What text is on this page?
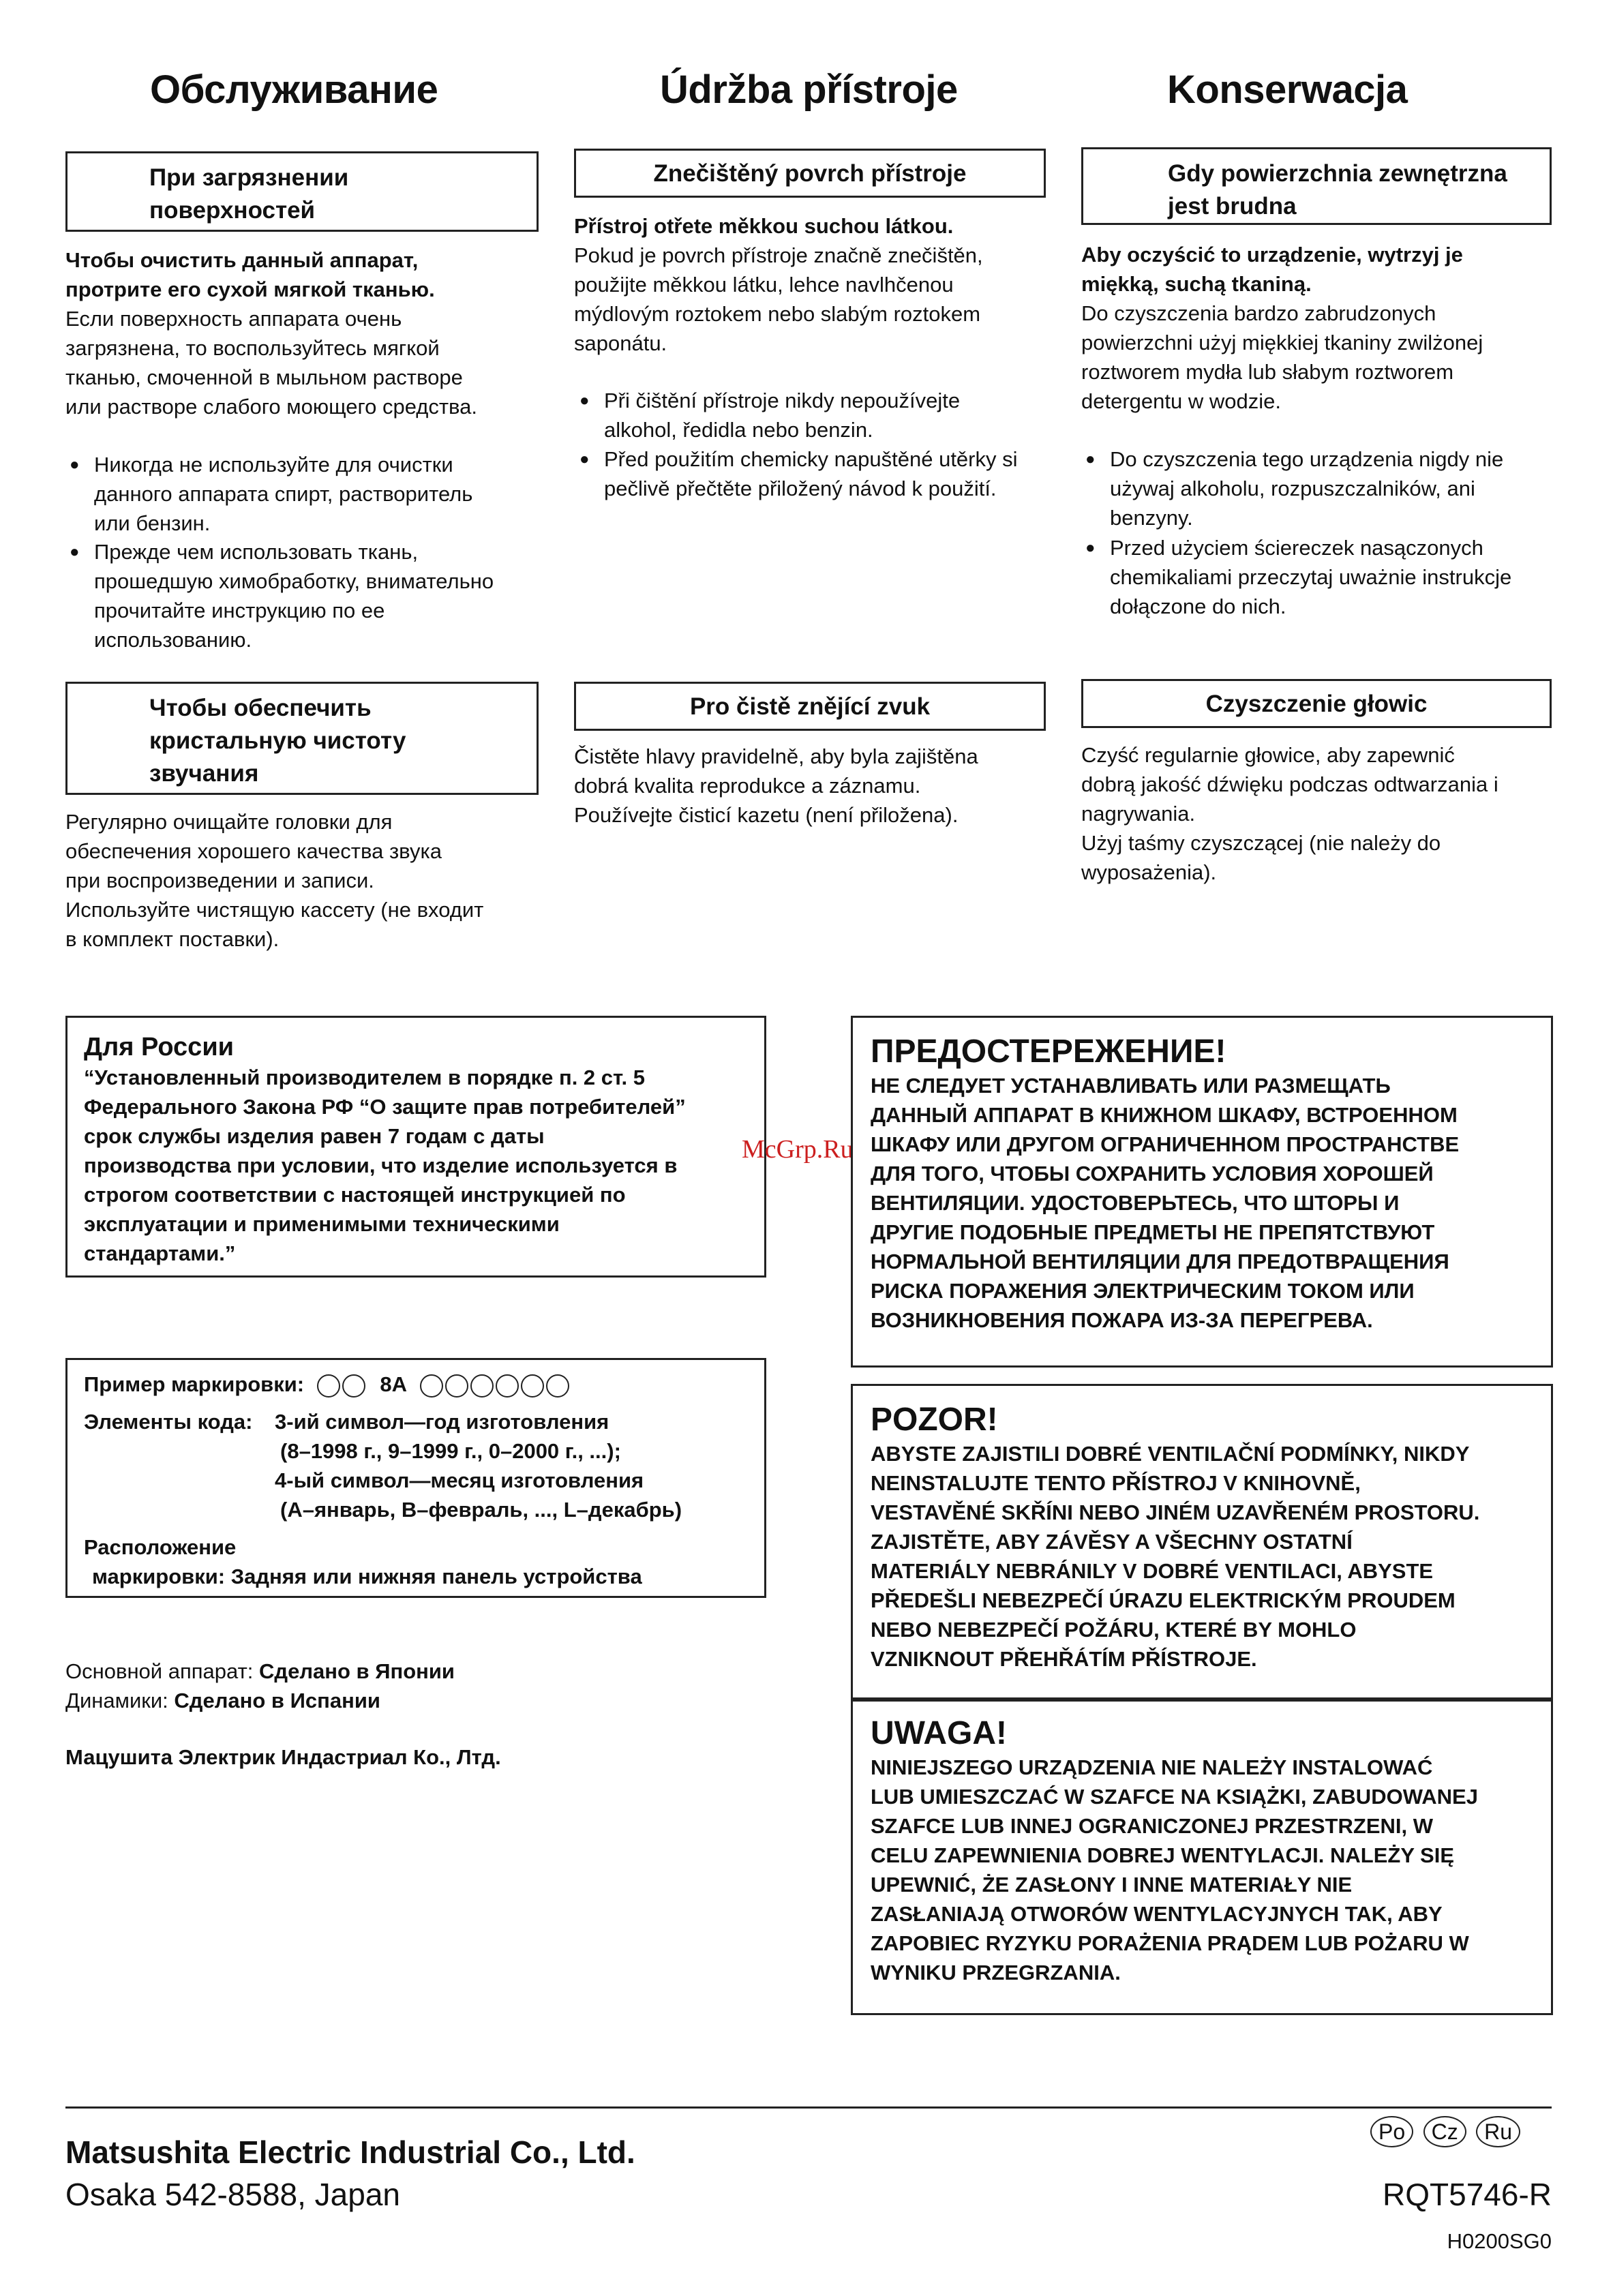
Обслуживание	Údržba přístroje	Konserwacja
При загрязнении
поверхностей
Чтобы очистить данный аппарат,
протрите его сухой мягкой тканью.
Если поверхность аппарата очень
загрязнена, то воспользуйтесь мягкой
тканью, смоченной в мыльном растворе
или растворе слабого моющего средства.
● Никогда не используйте для очистки
данного аппарата спирт, растворитель
или бензин.
● Прежде чем использовать ткань,
прошедшую химобработку, внимательно
прочитайте инструкцию по ее
использованию.
Чтобы обеспечить
кристальную чистоту
звучания
Регулярно очищайте головки для
обеспечения хорошего качества звука
при воспроизведении и записи.
Используйте чистящую кассету (не входит
в комплект поставки).
Znečištěný povrch přístroje
Přístroj otřete měkkou suchou látkou.
Pokud je povrch přístroje značně znečištěn,
použijte měkkou látku, lehce navlhčenou
mýdlovým roztokem nebo slabým roztokem
saponátu.
● Při čištění přístroje nikdy nepoužívejte
alkohol, ředidla nebo benzin.
● Před použitím chemicky napuštěné utěrky si
pečlivě přečtěte přiložený návod k použití.
Pro čistě znějící zvuk
Čistěte hlavy pravidelně, aby byla zajištěna
dobrá kvalita reprodukce a záznamu.
Používejte čisticí kazetu (není přiložena).
Gdy powierzchnia zewnętrzna
jest brudna
Aby oczyścić to urządzenie, wytrzyj je
miękką, suchą tkaniną.
Do czyszczenia bardzo zabrudzonych
powierzchni użyj miękkiej tkaniny zwilżonej
roztworem mydła lub słabym roztworem
detergentu w wodzie.
● Do czyszczenia tego urządzenia nigdy nie
używaj alkoholu, rozpuszczalników, ani
benzyny.
● Przed użyciem ściereczek nasączonych
chemikaliami przeczytaj uważnie instrukcje
dołączone do nich.
Czyszczenie głowic
Czyść regularnie głowice, aby zapewnić
dobrą jakość dźwięku podczas odtwarzania i
nagrywania.
Użyj taśmy czyszczącej (nie należy do
wyposażenia).
Для России
“Установленный производителем в порядке п. 2 ст. 5
Федерального Закона РФ “О защите прав потребителей”
срок службы изделия равен 7 годам с даты
производства при условии, что изделие используется в
строгом соответствии с настоящей инструкцией по
эксплуатации и применимыми техническими
стандартами.”
McGrp.Ru
Пример маркировки:	8A
Элементы кода:	3-ий символ—год изготовления
(8–1998 г., 9–1999 г., 0–2000 г., ...);
4-ый символ—месяц изготовления
(А–январь, В–февраль, ..., L–декабрь)
Расположение
маркировки: Задняя или нижняя панель устройства
Основной аппарат: Сделано в Японии
Динамики: Сделано в Испании
Мацушита Электрик Индастриал Ко., Лтд.
ПРЕДОСТЕРЕЖЕНИЕ!
НЕ СЛЕДУЕТ УСТАНАВЛИВАТЬ ИЛИ РАЗМЕЩАТЬ
ДАННЫЙ АППАРАТ В КНИЖНОМ ШКАФУ, ВСТРОЕННОМ
ШКАФУ ИЛИ ДРУГОМ ОГРАНИЧЕННОМ ПРОСТРАНСТВЕ
ДЛЯ ТОГО, ЧТОБЫ СОХРАНИТЬ УСЛОВИЯ ХОРОШЕЙ
ВЕНТИЛЯЦИИ. УДОСТОВЕРЬТЕСЬ, ЧТО ШТОРЫ И
ДРУГИЕ ПОДОБНЫЕ ПРЕДМЕТЫ НЕ ПРЕПЯТСТВУЮТ
НОРМАЛЬНОЙ ВЕНТИЛЯЦИИ ДЛЯ ПРЕДОТВРАЩЕНИЯ
РИСКА ПОРАЖЕНИЯ ЭЛЕКТРИЧЕСКИМ ТОКОМ ИЛИ
ВОЗНИКНОВЕНИЯ ПОЖАРА ИЗ-ЗА ПЕРЕГРЕВА.
POZOR!
ABYSTE ZAJISTILI DOBRÉ VENTILAČNÍ PODMÍNKY, NIKDY
NEINSTALUJTE TENTO PŘÍSTROJ V KNIHOVNĚ,
VESTAVĚNÉ SKŘÍNI NEBO JINÉM UZAVŘENÉM PROSTORU.
ZAJISTĚTE, ABY ZÁVĚSY A VŠECHNY OSTATNÍ
MATERIÁLY NEBRÁNILY V DOBRÉ VENTILACI, ABYSTE
PŘEDEŠLI NEBEZPEČÍ ÚRAZU ELEKTRICKÝM PROUDEM
NEBO NEBEZPEČÍ POŽÁRU, KTERÉ BY MOHLO
VZNIKNOUT PŘEHŘÁTÍM PŘÍSTROJE.
UWAGA!
NINIEJSZEGO URZĄDZENIA NIE NALEŻY INSTALOWAĆ
LUB UMIESZCZAĆ W SZAFCE NA KSIĄŻKI, ZABUDOWANEJ
SZAFCE LUB INNEJ OGRANICZONEJ PRZESTRZENI, W
CELU ZAPEWNIENIA DOBREJ WENTYLACJI. NALEŻY SIĘ
UPEWNIĆ, ŻE ZASŁONY I INNE MATERIAŁY NIE
ZASŁANIAJĄ OTWORÓW WENTYLACYJNYCH TAK, ABY
ZAPOBIEC RYZYKU PORAŻENIA PRĄDEM LUB POŻARU W
WYNIKU PRZEGRZANIA.
Matsushita Electric Industrial Co., Ltd.
Osaka 542-8588, Japan
Po Cz Ru
RQT5746-R
H0200SG0
